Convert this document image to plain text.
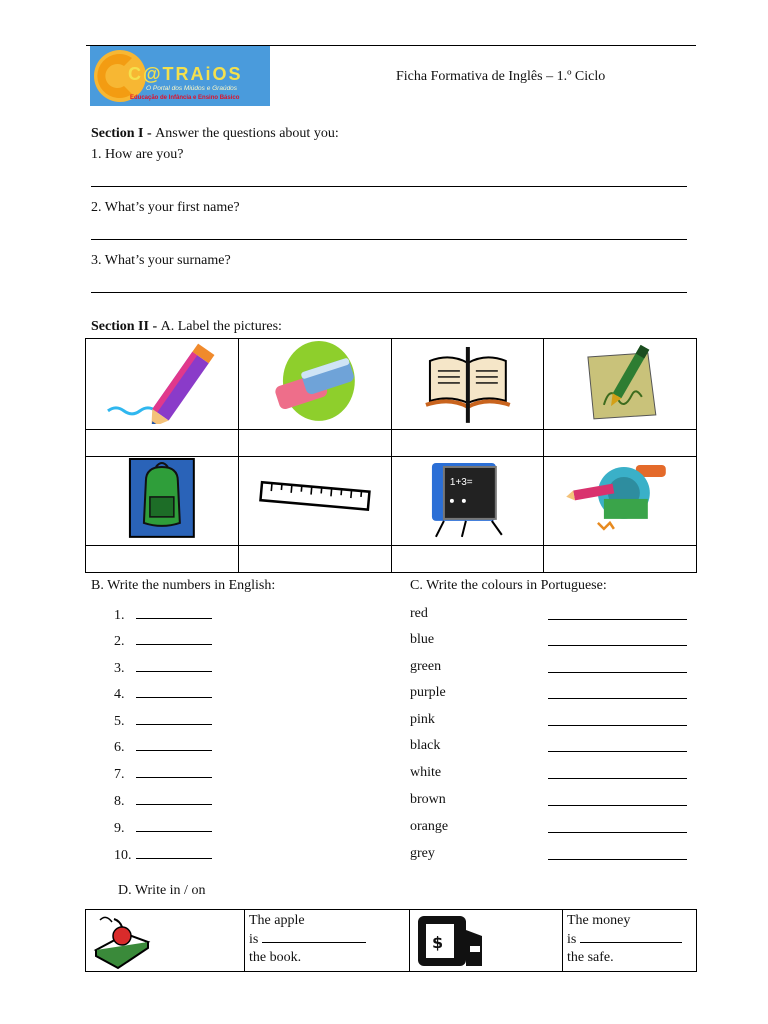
C@TRAiOS
O Portal dos Miúdos e Graúdos
Educação de Infância e Ensino Básico
Ficha Formativa de Inglês – 1.º Ciclo
Section I - Answer the questions about you:
1. How are you?
2. What’s your first name?
3. What’s your surname?
Section II - A. Label the pictures:

1+3=

B. Write the numbers in English:
1.
2.
3.
4.
5.
6.
7.
8.
9.
10.
C. Write the colours in Portuguese:
red
blue
green
purple
pink
black
white
brown
orange
grey
D. Write in / on

The apple
is
the book.

$

The money
is
the safe.
